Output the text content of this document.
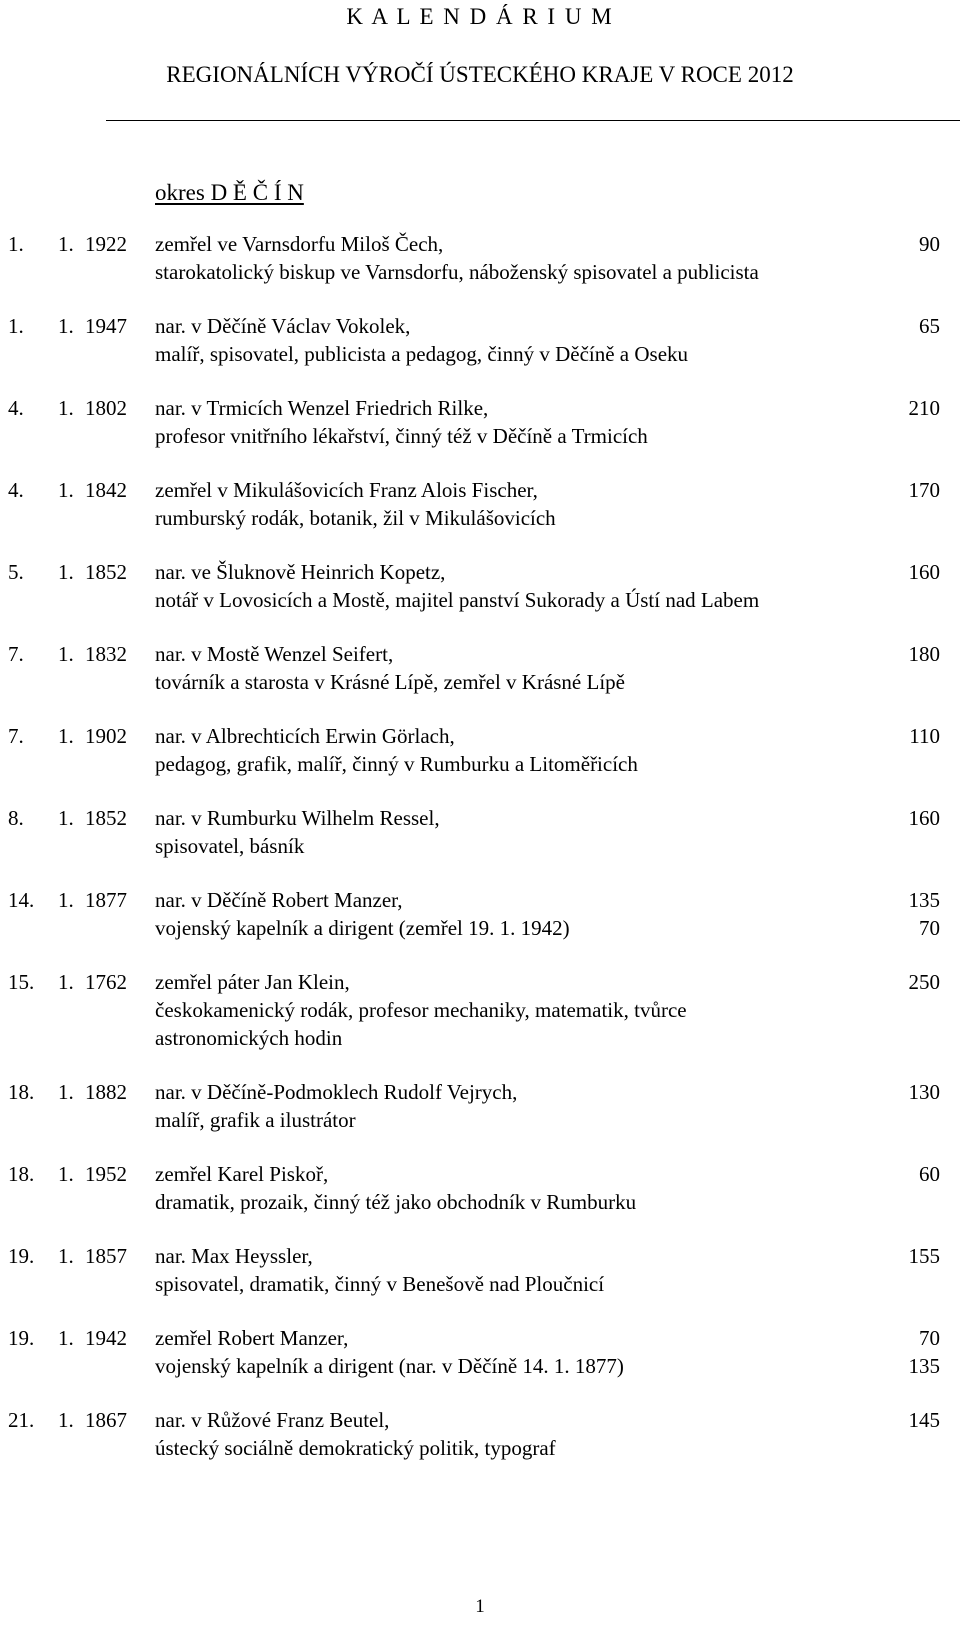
K A L E N D Á R I U M
REGIONÁLNÍCH VÝROČÍ ÚSTECKÉHO KRAJE V ROCE 2012
okres D Ě Č Í N
1. 1. 1922 zemřel ve Varnsdorfu Miloš Čech,	90
starokatolický biskup ve Varnsdorfu, náboženský spisovatel a publicista
1. 1. 1947 nar. v Děčíně Václav Vokolek,	65
malíř, spisovatel, publicista a pedagog, činný v Děčíně a Oseku
4. 1. 1802 nar. v Trmicích Wenzel Friedrich Rilke,	210
profesor vnitřního lékařství, činný též v Děčíně a Trmicích
4. 1. 1842 zemřel v Mikulášovicích Franz Alois Fischer,	170
rumburský rodák, botanik, žil v Mikulášovicích
5. 1. 1852 nar. ve Šluknově Heinrich Kopetz,	160
notář v Lovosicích a Mostě, majitel panství Sukorady a Ústí nad Labem
7. 1. 1832 nar. v Mostě Wenzel Seifert,	180
továrník a starosta v Krásné Lípě, zemřel v Krásné Lípě
7. 1. 1902 nar. v Albrechticích Erwin Görlach,	110
pedagog, grafik, malíř, činný v Rumburku a Litoměřicích
8. 1. 1852 nar. v Rumburku Wilhelm Ressel,	160
spisovatel, básník
14. 1. 1877 nar. v Děčíně Robert Manzer,	135
vojenský kapelník a dirigent (zemřel 19. 1. 1942)	70
15. 1. 1762 zemřel páter Jan Klein,	250
českokamenický rodák, profesor mechaniky, matematik, tvůrce
astronomických hodin
18. 1. 1882 nar. v Děčíně-Podmoklech Rudolf Vejrych,	130
malíř, grafik a ilustrátor
18. 1. 1952 zemřel Karel Piskoř,	60
dramatik, prozaik, činný též jako obchodník v Rumburku
19. 1. 1857 nar. Max Heyssler,	155
spisovatel, dramatik, činný v Benešově nad Ploučnicí
19. 1. 1942 zemřel Robert Manzer,	70
vojenský kapelník a dirigent (nar. v Děčíně 14. 1. 1877)	135
21. 1. 1867 nar. v Růžové Franz Beutel,	145
ústecký sociálně demokratický politik, typograf
1
